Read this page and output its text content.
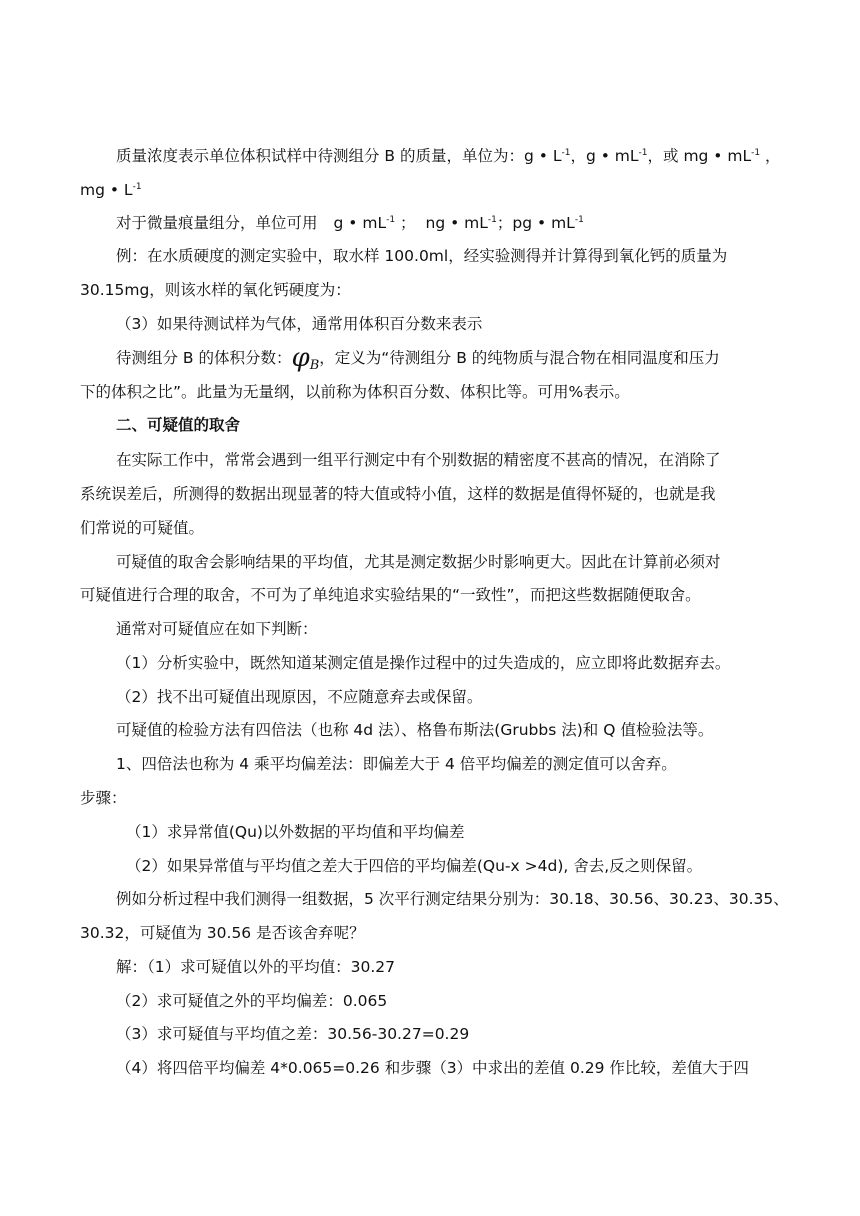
质量浓度表示单位体积试样中待测组分 B 的质量，单位为：g • $L^{-1}$，g • $mL^{-1}$，或 mg • $mL^{-1}$ ，
mg • $L^{-1}$
对于微量痕量组分，单位可用 g • $mL^{-1}$ ； ng • $mL^{-1}$；pg • $mL^{-1}$
例：在水质硬度的测定实验中，取水样 100.0ml，经实验测得并计算得到氧化钙的质量为
30.15mg，则该水样的氧化钙硬度为：
（3）如果待测试样为气体，通常用体积百分数来表示
待测组分 B 的体积分数：$\varphi_B$，定义为“待测组分 B 的纯物质与混合物在相同温度和压力
下的体积之比”。此量为无量纲，以前称为体积百分数、体积比等。可用%表示。
二、可疑值的取舍
在实际工作中，常常会遇到一组平行测定中有个别数据的精密度不甚高的情况，在消除了
系统误差后，所测得的数据出现显著的特大值或特小值，这样的数据是值得怀疑的，也就是我
们常说的可疑值。
可疑值的取舍会影响结果的平均值，尤其是测定数据少时影响更大。因此在计算前必须对
可疑值进行合理的取舍，不可为了单纯追求实验结果的“一致性”，而把这些数据随便取舍。
通常对可疑值应在如下判断：
（1）分析实验中，既然知道某测定值是操作过程中的过失造成的，应立即将此数据弃去。
（2）找不出可疑值出现原因，不应随意弃去或保留。
可疑值的检验方法有四倍法（也称 4d 法）、格鲁布斯法(Grubbs 法)和 Q 值检验法等。
1、四倍法也称为 4 乘平均偏差法：即偏差大于 4 倍平均偏差的测定值可以舍弃。
步骤：
（1）求异常值(Qu)以外数据的平均值和平均偏差
（2）如果异常值与平均值之差大于四倍的平均偏差(Qu-x >4d), 舍去,反之则保留。
例如分析过程中我们测得一组数据，5 次平行测定结果分别为：30.18、30.56、30.23、30.35、
30.32，可疑值为 30.56 是否该舍弃呢？
解：（1）求可疑值以外的平均值：30.27
（2）求可疑值之外的平均偏差：0.065
（3）求可疑值与平均值之差：30.56-30.27=0.29
（4）将四倍平均偏差 4*0.065=0.26 和步骤（3）中求出的差值 0.29 作比较，差值大于四
